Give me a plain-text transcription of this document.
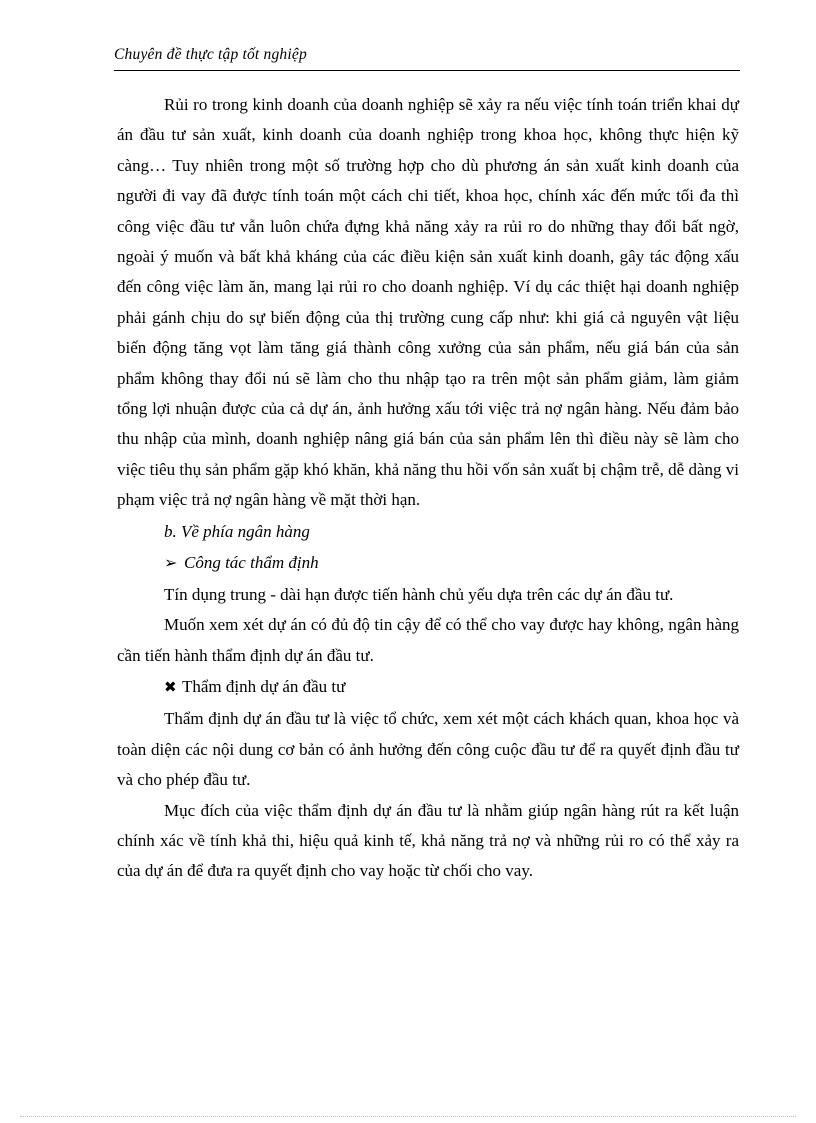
Chuyên đề thực tập tốt nghiệp

Rủi ro trong kinh doanh của doanh nghiệp sẽ xảy ra nếu việc tính toán triển khai dự án đầu tư sản xuất, kinh doanh của doanh nghiệp trong khoa học, không thực hiện kỹ càng… Tuy nhiên trong một số trường hợp cho dù phương án sản xuất kinh doanh của người đi vay đã được tính toán một cách chi tiết, khoa học, chính xác đến mức tối đa thì công việc đầu tư vẫn luôn chứa đựng khả năng xảy ra rủi ro do những thay đổi bất ngờ, ngoài ý muốn và bất khả kháng của các điều kiện sản xuất kinh doanh, gây tác động xấu đến công việc làm ăn, mang lại rủi ro cho doanh nghiệp. Ví dụ các thiệt hại doanh nghiệp phải gánh chịu do sự biến động của thị trường cung cấp như: khi giá cả nguyên vật liệu biến động tăng vọt làm tăng giá thành công xưởng của sản phẩm, nếu giá bán của sản phẩm không thay đổi nú sẽ làm cho thu nhập tạo ra trên một sản phẩm giảm, làm giảm tổng lợi nhuận được của cả dự án, ảnh hưởng xấu tới việc trả nợ ngân hàng. Nếu đảm bảo thu nhập của mình, doanh nghiệp nâng giá bán của sản phẩm lên thì điều này sẽ làm cho việc tiêu thụ sản phẩm gặp khó khăn, khả năng thu hồi vốn sản xuất bị chậm trễ, dễ dàng vi phạm việc trả nợ ngân hàng về mặt thời hạn.

b. Về phía ngân hàng

➢ Công tác thẩm định

Tín dụng trung - dài hạn được tiến hành chủ yếu dựa trên các dự án đầu tư.

Muốn xem xét dự án có đủ độ tin cậy để có thể cho vay được hay không, ngân hàng cần tiến hành thẩm định dự án đầu tư.

✖ Thẩm định dự án đầu tư

Thẩm định dự án đầu tư là việc tổ chức, xem xét một cách khách quan, khoa học và toàn diện các nội dung cơ bản có ảnh hưởng đến công cuộc đầu tư để ra quyết định đầu tư và cho phép đầu tư.

Mục đích của việc thẩm định dự án đầu tư là nhằm giúp ngân hàng rút ra kết luận chính xác về tính khả thi, hiệu quả kinh tế, khả năng trả nợ và những rủi ro có thể xảy ra của dự án để đưa ra quyết định cho vay hoặc từ chối cho vay.
